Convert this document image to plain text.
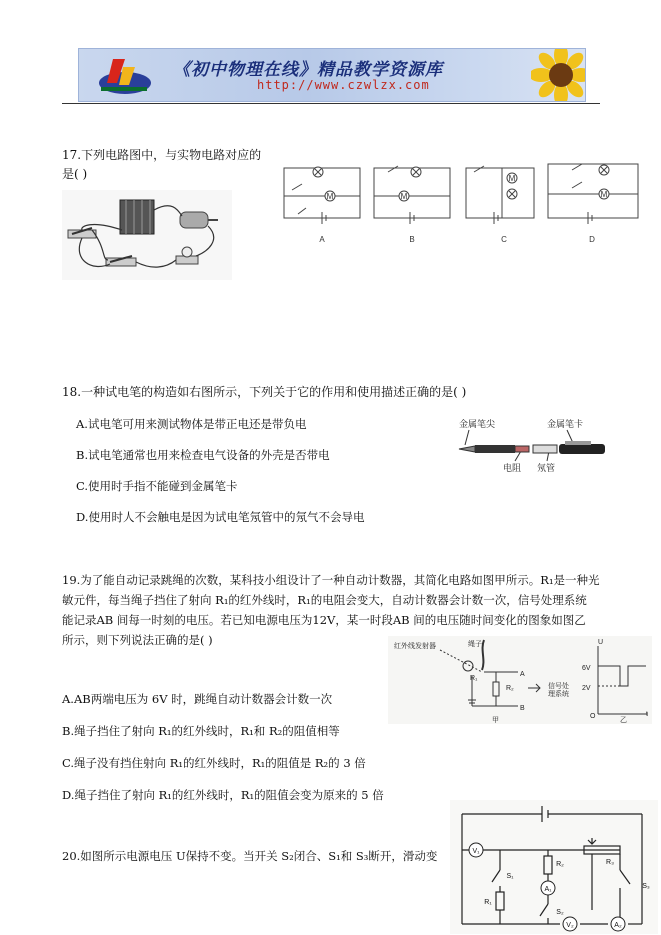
《初中物理在线》精品教学资源库
http://www.czwlzx.com
17.下列电路图中，与实物电路对应的
是( )
M	M
M
M
A	B	C	D
18.一种试电笔的构造如右图所示，下列关于它的作用和使用描述正确的是( )
A.试电笔可用来测试物体是带正电还是带负电
B.试电笔通常也用来检查电气设备的外壳是否带电
C.使用时手指不能碰到金属笔卡
D.使用时人不会触电是因为试电笔氖管中的氖气不会导电
金属笔尖	金属笔卡
电阻 氖管
19.为了能自动记录跳绳的次数，某科技小组设计了一种自动计数器，其简化电路如图甲所示。R₁是一种光
敏元件，每当绳子挡住了射向 R₁的红外线时，R₁的电阻会变大，自动计数器会计数一次，信号处理系统
能记录AB 间每一时刻的电压。若已知电源电压为12V，某一时段AB 间的电压随时间变化的图象如图乙
所示，则下列说法正确的是( )
A.AB两端电压为 6V 时，跳绳自动计数器会计数一次
B.绳子挡住了射向 R₁的红外线时，R₁和 R₂的阻值相等
C.绳子没有挡住射向 R₁的红外线时，R₁的阻值是 R₂的 3 倍
D.绳子挡住了射向 R₁的红外线时，R₁的阻值会变为原来的 5 倍
红外线发射器	绳子
A
B
R₂
R₁
信号处
理系统
甲	乙
U
t
O
6V
2V
20.如图所示电源电压 U保持不变。当开关 S₂闭合、S₁和 S₃断开，滑动变	V₁
A₁
V₂	A₂
S₁
S₂
S₃
R₁
R₂	R₃
